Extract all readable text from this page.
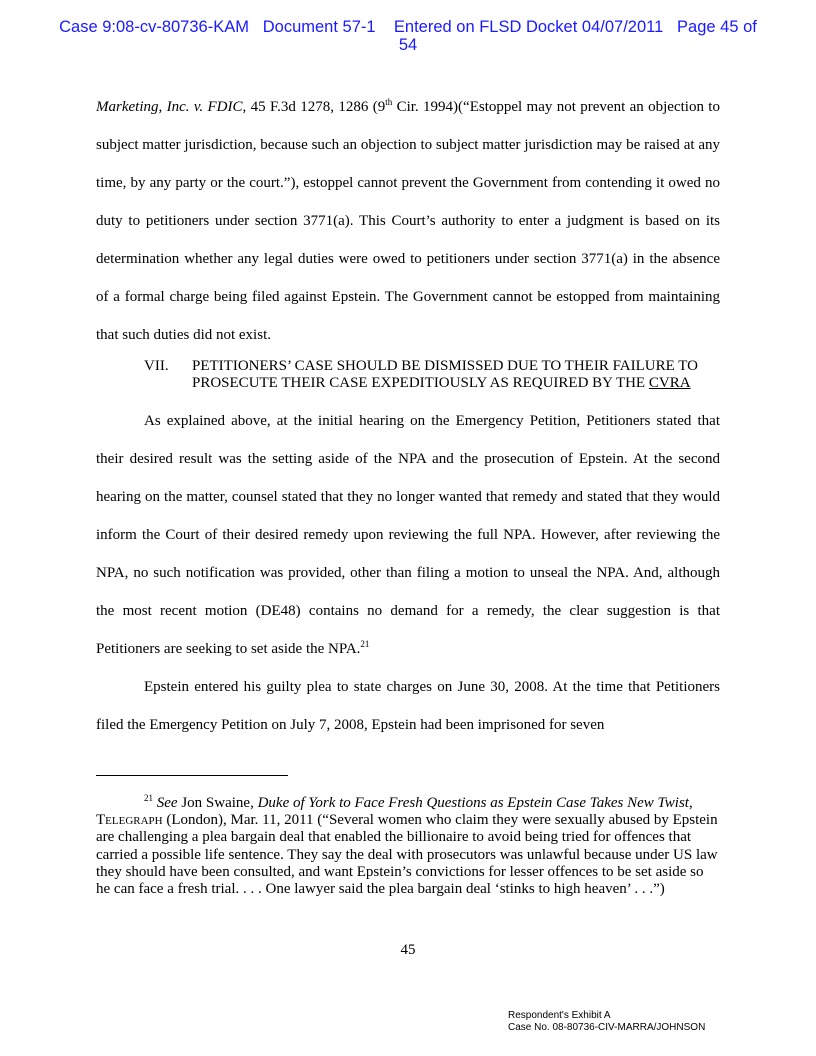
Case 9:08-cv-80736-KAM Document 57-1 Entered on FLSD Docket 04/07/2011 Page 45 of
54

Marketing, Inc. v. FDIC, 45 F.3d 1278, 1286 (9th Cir. 1994)(“Estoppel may not prevent an objection to subject matter jurisdiction, because such an objection to subject matter jurisdiction may be raised at any time, by any party or the court.”), estoppel cannot prevent the Government from contending it owed no duty to petitioners under section 3771(a). This Court’s authority to enter a judgment is based on its determination whether any legal duties were owed to petitioners under section 3771(a) in the absence of a formal charge being filed against Epstein. The Government cannot be estopped from maintaining that such duties did not exist.

VII.	PETITIONERS’ CASE SHOULD BE DISMISSED DUE TO THEIR FAILURE TO PROSECUTE THEIR CASE EXPEDITIOUSLY AS REQUIRED BY THE CVRA

As explained above, at the initial hearing on the Emergency Petition, Petitioners stated that their desired result was the setting aside of the NPA and the prosecution of Epstein. At the second hearing on the matter, counsel stated that they no longer wanted that remedy and stated that they would inform the Court of their desired remedy upon reviewing the full NPA. However, after reviewing the NPA, no such notification was provided, other than filing a motion to unseal the NPA. And, although the most recent motion (DE48) contains no demand for a remedy, the clear suggestion is that Petitioners are seeking to set aside the NPA.$^{21}$

Epstein entered his guilty plea to state charges on June 30, 2008. At the time that Petitioners filed the Emergency Petition on July 7, 2008, Epstein had been imprisoned for seven

$^{21}$ See Jon Swaine, Duke of York to Face Fresh Questions as Epstein Case Takes New Twist, Telegraph (London), Mar. 11, 2011 (“Several women who claim they were sexually abused by Epstein are challenging a plea bargain deal that enabled the billionaire to avoid being tried for offences that carried a possible life sentence. They say the deal with prosecutors was unlawful because under US law they should have been consulted, and want Epstein’s convictions for lesser offences to be set aside so he can face a fresh trial. . . . One lawyer said the plea bargain deal ‘stinks to high heaven’ . . .”)

45
Respondent's Exhibit A
Case No. 08-80736-CIV-MARRA/JOHNSON
